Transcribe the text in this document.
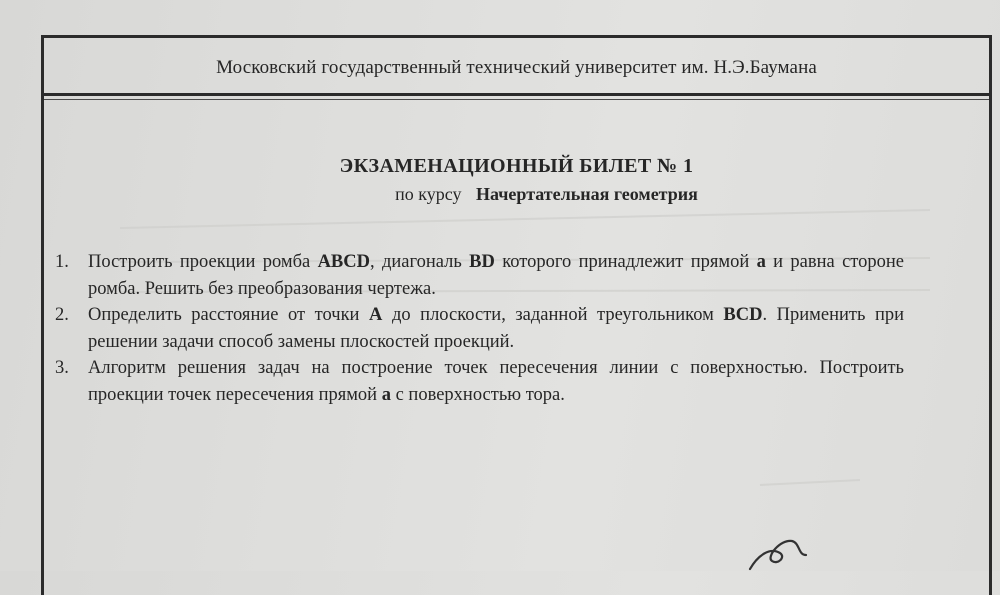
Московский государственный технический университет им. Н.Э.Баумана
ЭКЗАМЕНАЦИОННЫЙ БИЛЕТ № 1
по курсу Начертательная геометрия
1. Построить проекции ромба ABCD, диагональ BD которого принадлежит прямой a и равна стороне ромба. Решить без преобразования чертежа.
2. Определить расстояние от точки A до плоскости, заданной треугольником BCD. Применить при решении задачи способ замены плоскостей проекций.
3. Алгоритм решения задач на построение точек пересечения линии с поверхностью. Построить проекции точек пересечения прямой a с поверхностью тора.
